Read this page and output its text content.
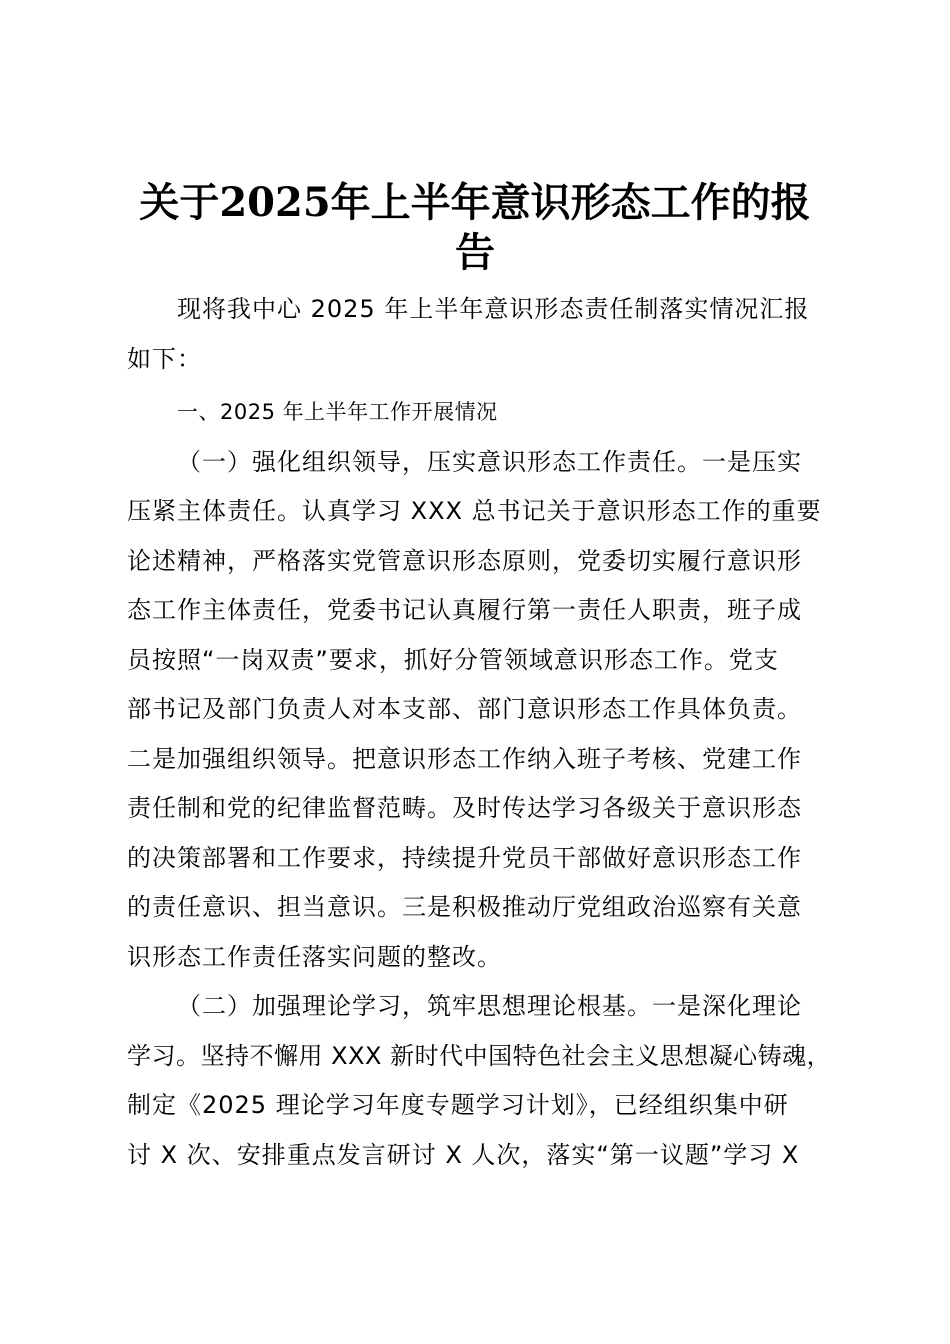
关于2025年上半年意识形态工作的报
告
现将我中心 2025 年上半年意识形态责任制落实情况汇报
如下：
一、2025 年上半年工作开展情况
（一）强化组织领导，压实意识形态工作责任。一是压实
压紧主体责任。认真学习 XXX 总书记关于意识形态工作的重要
论述精神，严格落实党管意识形态原则，党委切实履行意识形
态工作主体责任，党委书记认真履行第一责任人职责，班子成
员按照“一岗双责”要求，抓好分管领域意识形态工作。党支
部书记及部门负责人对本支部、部门意识形态工作具体负责。
二是加强组织领导。把意识形态工作纳入班子考核、党建工作
责任制和党的纪律监督范畴。及时传达学习各级关于意识形态
的决策部署和工作要求，持续提升党员干部做好意识形态工作
的责任意识、担当意识。三是积极推动厅党组政治巡察有关意
识形态工作责任落实问题的整改。
（二）加强理论学习，筑牢思想理论根基。一是深化理论
学习。坚持不懈用 XXX 新时代中国特色社会主义思想凝心铸魂，
制定《2025 理论学习年度专题学习计划》，已经组织集中研
讨 X 次、安排重点发言研讨 X 人次，落实“第一议题”学习 X
